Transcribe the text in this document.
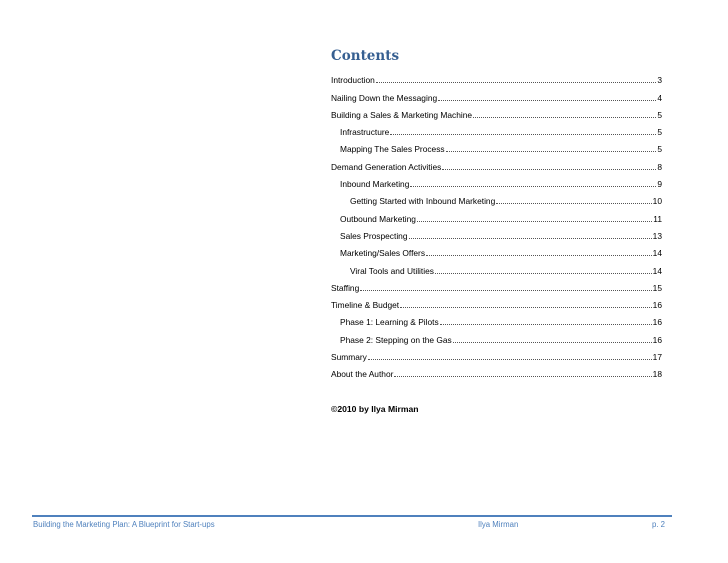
Contents
Introduction	3
Nailing Down the Messaging	4
Building a Sales & Marketing Machine	5
Infrastructure	5
Mapping The Sales Process	5
Demand Generation Activities	8
Inbound Marketing	9
Getting Started with Inbound Marketing	10
Outbound Marketing	11
Sales Prospecting	13
Marketing/Sales Offers	14
Viral Tools and Utilities	14
Staffing	15
Timeline & Budget	16
Phase 1: Learning & Pilots	16
Phase 2: Stepping on the Gas	16
Summary	17
About the Author	18
©2010 by Ilya Mirman
Building the Marketing Plan: A Blueprint for Start-ups	Ilya Mirman	p. 2
